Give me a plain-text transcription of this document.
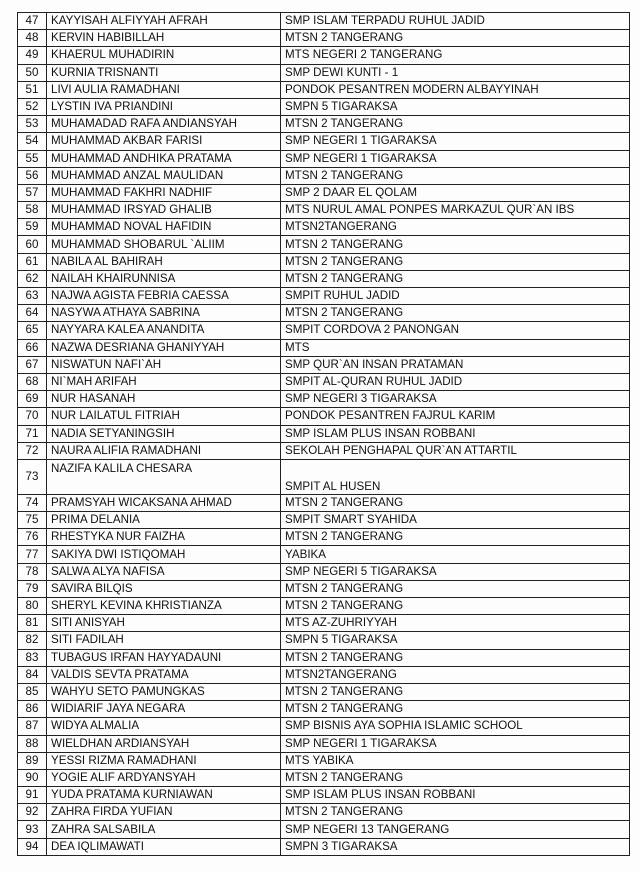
47	KAYYISAH ALFIYYAH AFRAH	SMP ISLAM TERPADU RUHUL JADID
48	KERVIN HABIBILLAH	MTSN 2 TANGERANG
49	KHAERUL MUHADIRIN	MTS NEGERI 2 TANGERANG
50	KURNIA TRISNANTI	SMP DEWI KUNTI - 1
51	LIVI AULIA RAMADHANI	PONDOK PESANTREN MODERN ALBAYYINAH
52	LYSTIN IVA PRIANDINI	SMPN 5 TIGARAKSA
53	MUHAMADAD RAFA ANDIANSYAH	MTSN 2 TANGERANG
54	MUHAMMAD AKBAR FARISI	SMP NEGERI 1 TIGARAKSA
55	MUHAMMAD ANDHIKA PRATAMA	SMP NEGERI 1 TIGARAKSA
56	MUHAMMAD ANZAL MAULIDAN	MTSN 2 TANGERANG
57	MUHAMMAD FAKHRI NADHIF	SMP 2 DAAR EL QOLAM
58	MUHAMMAD IRSYAD GHALIB	MTS NURUL AMAL PONPES MARKAZUL QUR`AN IBS
59	MUHAMMAD NOVAL HAFIDIN	MTSN2TANGERANG
60	MUHAMMAD SHOBARUL `ALIIM	MTSN 2 TANGERANG
61	NABILA AL BAHIRAH	MTSN 2 TANGERANG
62	NAILAH KHAIRUNNISA	MTSN 2 TANGERANG
63	NAJWA AGISTA FEBRIA CAESSA	SMPIT RUHUL JADID
64	NASYWA ATHAYA SABRINA	MTSN 2 TANGERANG
65	NAYYARA KALEA ANANDITA	SMPIT CORDOVA 2 PANONGAN
66	NAZWA DESRIANA GHANIYYAH	MTS
67	NISWATUN NAFI`AH	SMP QUR`AN INSAN PRATAMAN
68	NI`MAH ARIFAH	SMPIT AL-QURAN RUHUL JADID
69	NUR HASANAH	SMP NEGERI 3 TIGARAKSA
70	NUR LAILATUL FITRIAH	PONDOK PESANTREN FAJRUL KARIM
71	NADIA SETYANINGSIH	SMP ISLAM PLUS INSAN ROBBANI
72	NAURA ALIFIA RAMADHANI	SEKOLAH PENGHAPAL QUR`AN ATTARTIL
73	NAZIFA KALILA CHESARA	SMPIT AL HUSEN
74	PRAMSYAH WICAKSANA AHMAD	MTSN 2 TANGERANG
75	PRIMA DELANIA	SMPIT SMART SYAHIDA
76	RHESTYKA NUR FAIZHA	MTSN 2 TANGERANG
77	SAKIYA DWI ISTIQOMAH	YABIKA
78	SALWA ALYA NAFISA	SMP NEGERI 5 TIGARAKSA
79	SAVIRA BILQIS	MTSN 2 TANGERANG
80	SHERYL KEVINA KHRISTIANZA	MTSN 2 TANGERANG
81	SITI ANISYAH	MTS AZ-ZUHRIYYAH
82	SITI FADILAH	SMPN 5 TIGARAKSA
83	TUBAGUS IRFAN HAYYADAUNI	MTSN 2 TANGERANG
84	VALDIS SEVTA PRATAMA	MTSN2TANGERANG
85	WAHYU SETO PAMUNGKAS	MTSN 2 TANGERANG
86	WIDIARIF JAYA NEGARA	MTSN 2 TANGERANG
87	WIDYA ALMALIA	SMP BISNIS AYA SOPHIA ISLAMIC SCHOOL
88	WIELDHAN ARDIANSYAH	SMP NEGERI 1 TIGARAKSA
89	YESSI RIZMA RAMADHANI	MTS YABIKA
90	YOGIE ALIF ARDYANSYAH	MTSN 2 TANGERANG
91	YUDA PRATAMA KURNIAWAN	SMP ISLAM PLUS INSAN ROBBANI
92	ZAHRA FIRDA YUFIAN	MTSN 2 TANGERANG
93	ZAHRA SALSABILA	SMP NEGERI 13 TANGERANG
94	DEA IQLIMAWATI	SMPN 3 TIGARAKSA
